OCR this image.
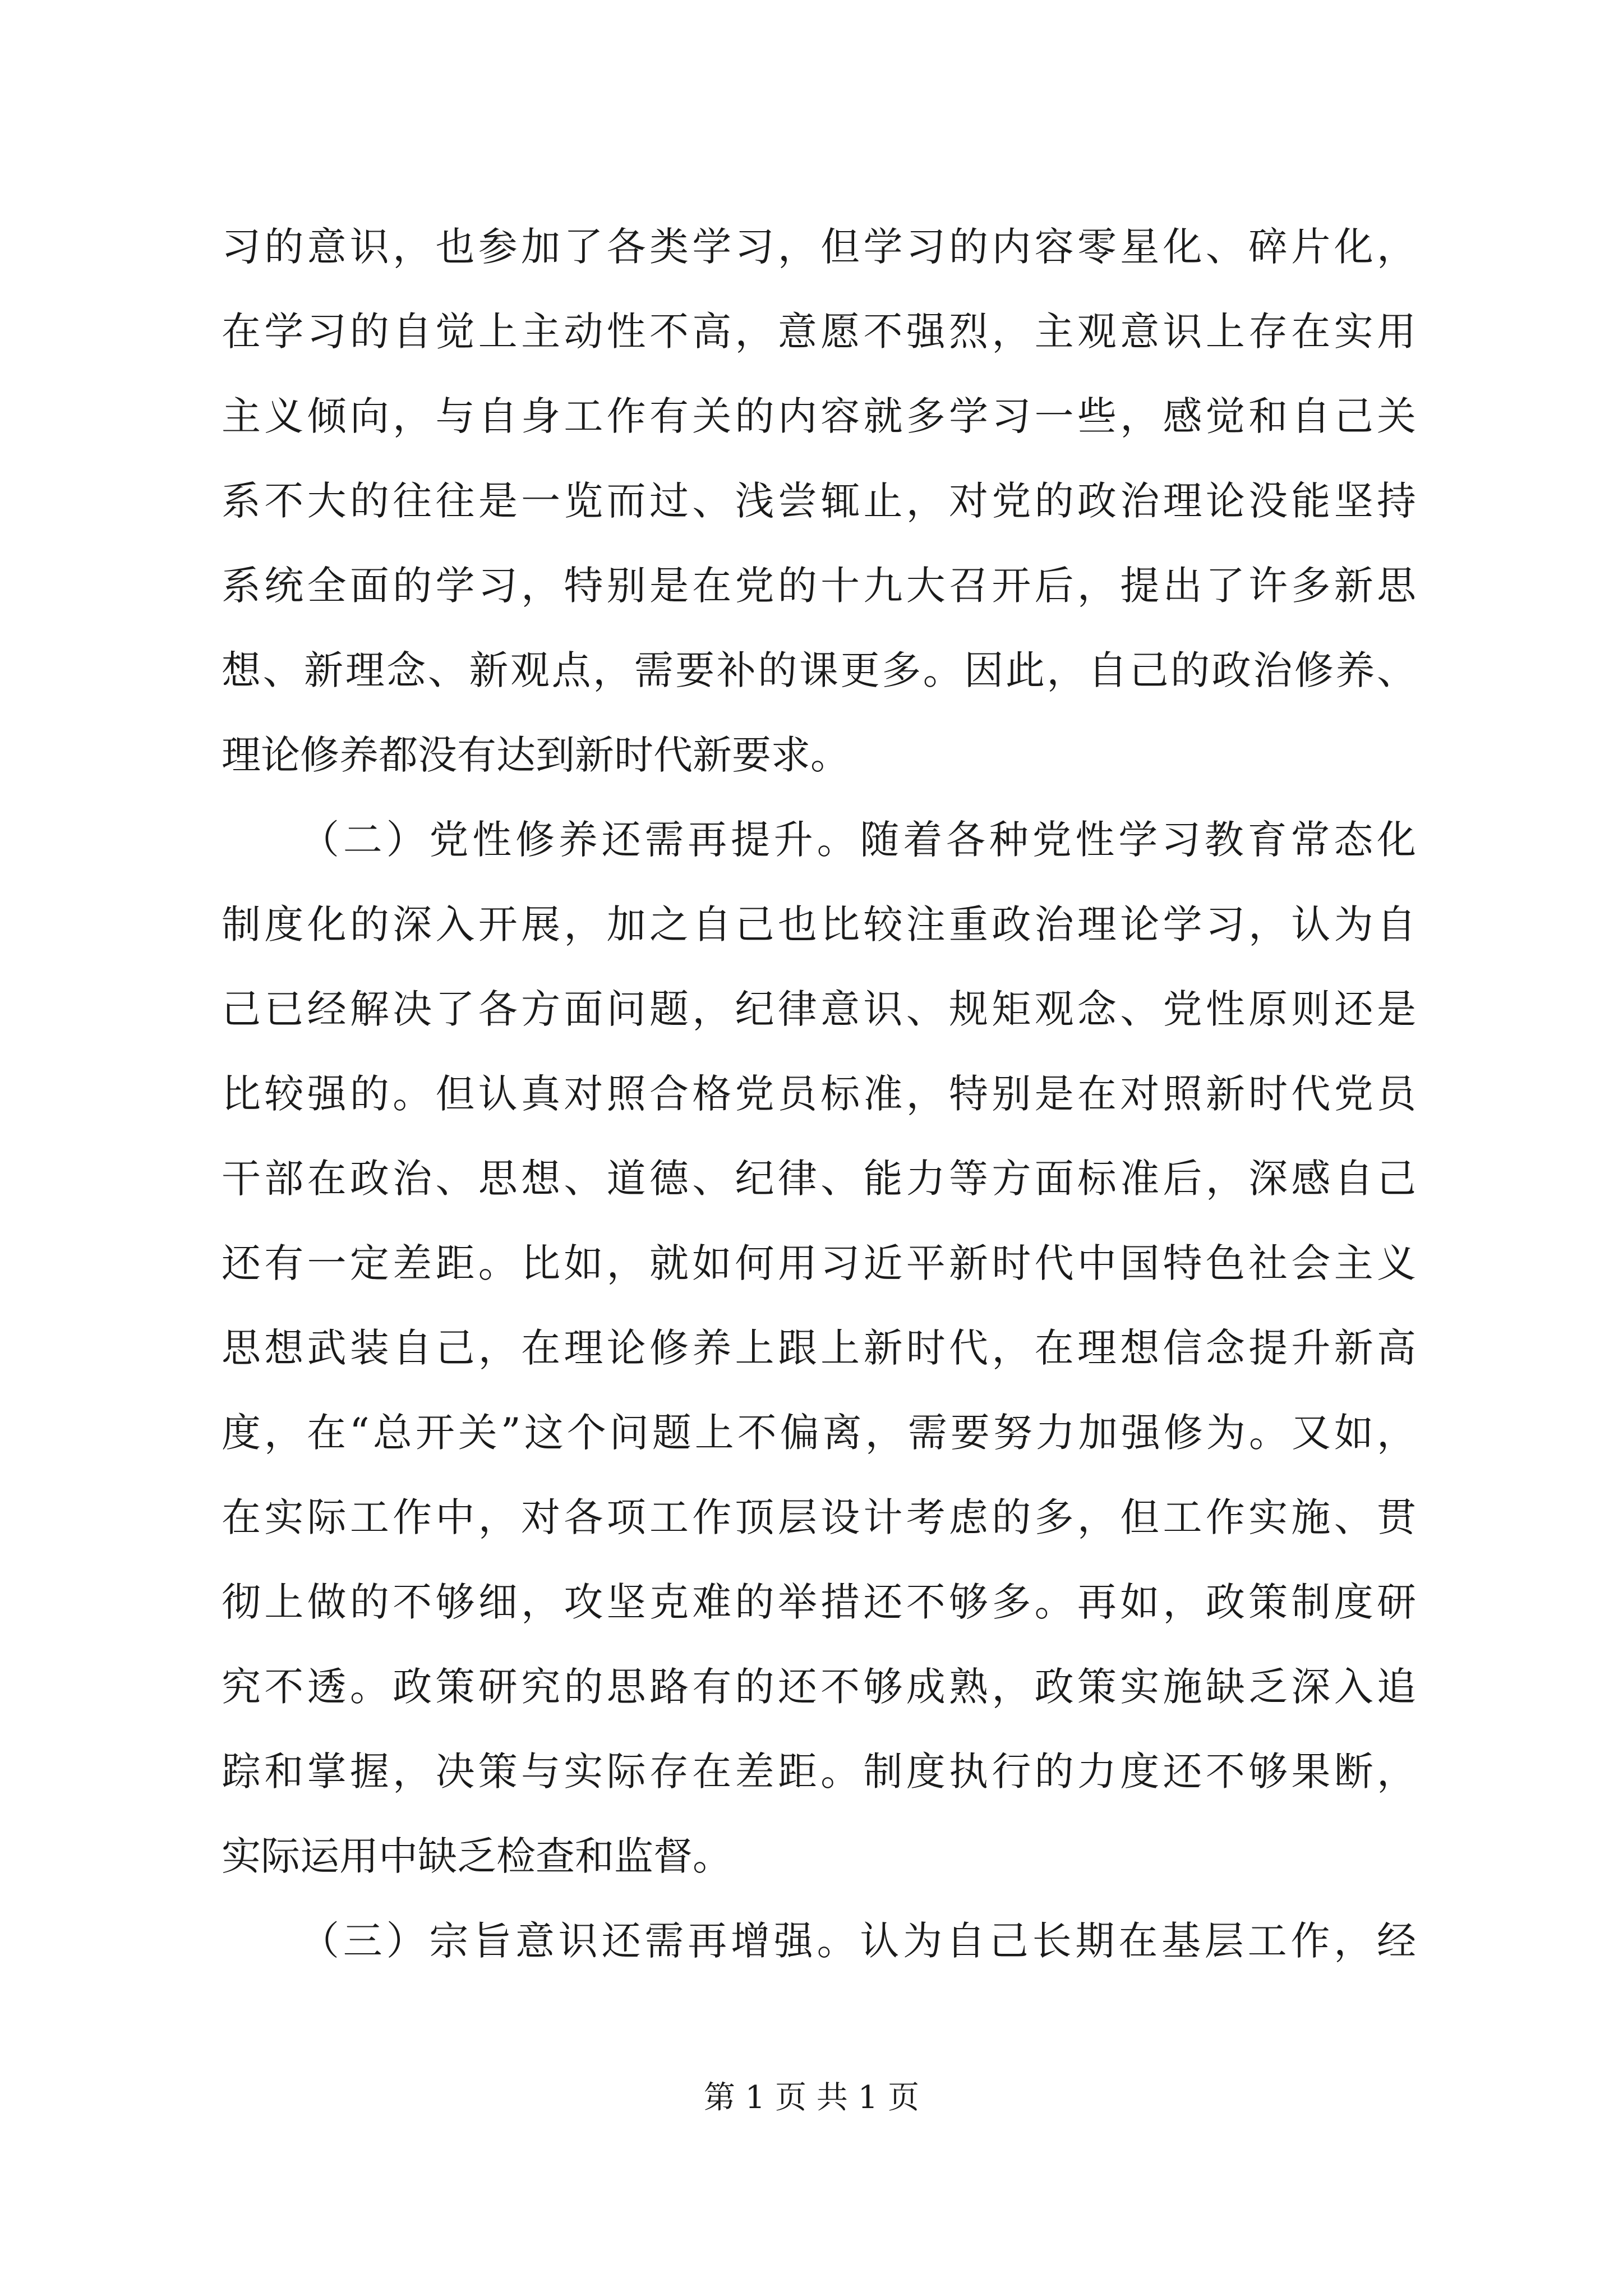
习的意识，也参加了各类学习，但学习的内容零星化、碎片化，
在学习的自觉上主动性不高，意愿不强烈，主观意识上存在实用
主义倾向，与自身工作有关的内容就多学习一些，感觉和自己关
系不大的往往是一览而过、浅尝辄止，对党的政治理论没能坚持
系统全面的学习，特别是在党的十九大召开后，提出了许多新思
想、新理念、新观点，需要补的课更多。因此，自己的政治修养、
理论修养都没有达到新时代新要求。
（二）党性修养还需再提升。随着各种党性学习教育常态化
制度化的深入开展，加之自己也比较注重政治理论学习，认为自
己已经解决了各方面问题，纪律意识、规矩观念、党性原则还是
比较强的。但认真对照合格党员标准，特别是在对照新时代党员
干部在政治、思想、道德、纪律、能力等方面标准后，深感自己
还有一定差距。比如，就如何用习近平新时代中国特色社会主义
思想武装自己，在理论修养上跟上新时代，在理想信念提升新高
度，在“总开关”这个问题上不偏离，需要努力加强修为。又如，
在实际工作中，对各项工作顶层设计考虑的多，但工作实施、贯
彻上做的不够细，攻坚克难的举措还不够多。再如，政策制度研
究不透。政策研究的思路有的还不够成熟，政策实施缺乏深入追
踪和掌握，决策与实际存在差距。制度执行的力度还不够果断，
实际运用中缺乏检查和监督。
（三）宗旨意识还需再增强。认为自己长期在基层工作，经
第 1 页 共 1 页
